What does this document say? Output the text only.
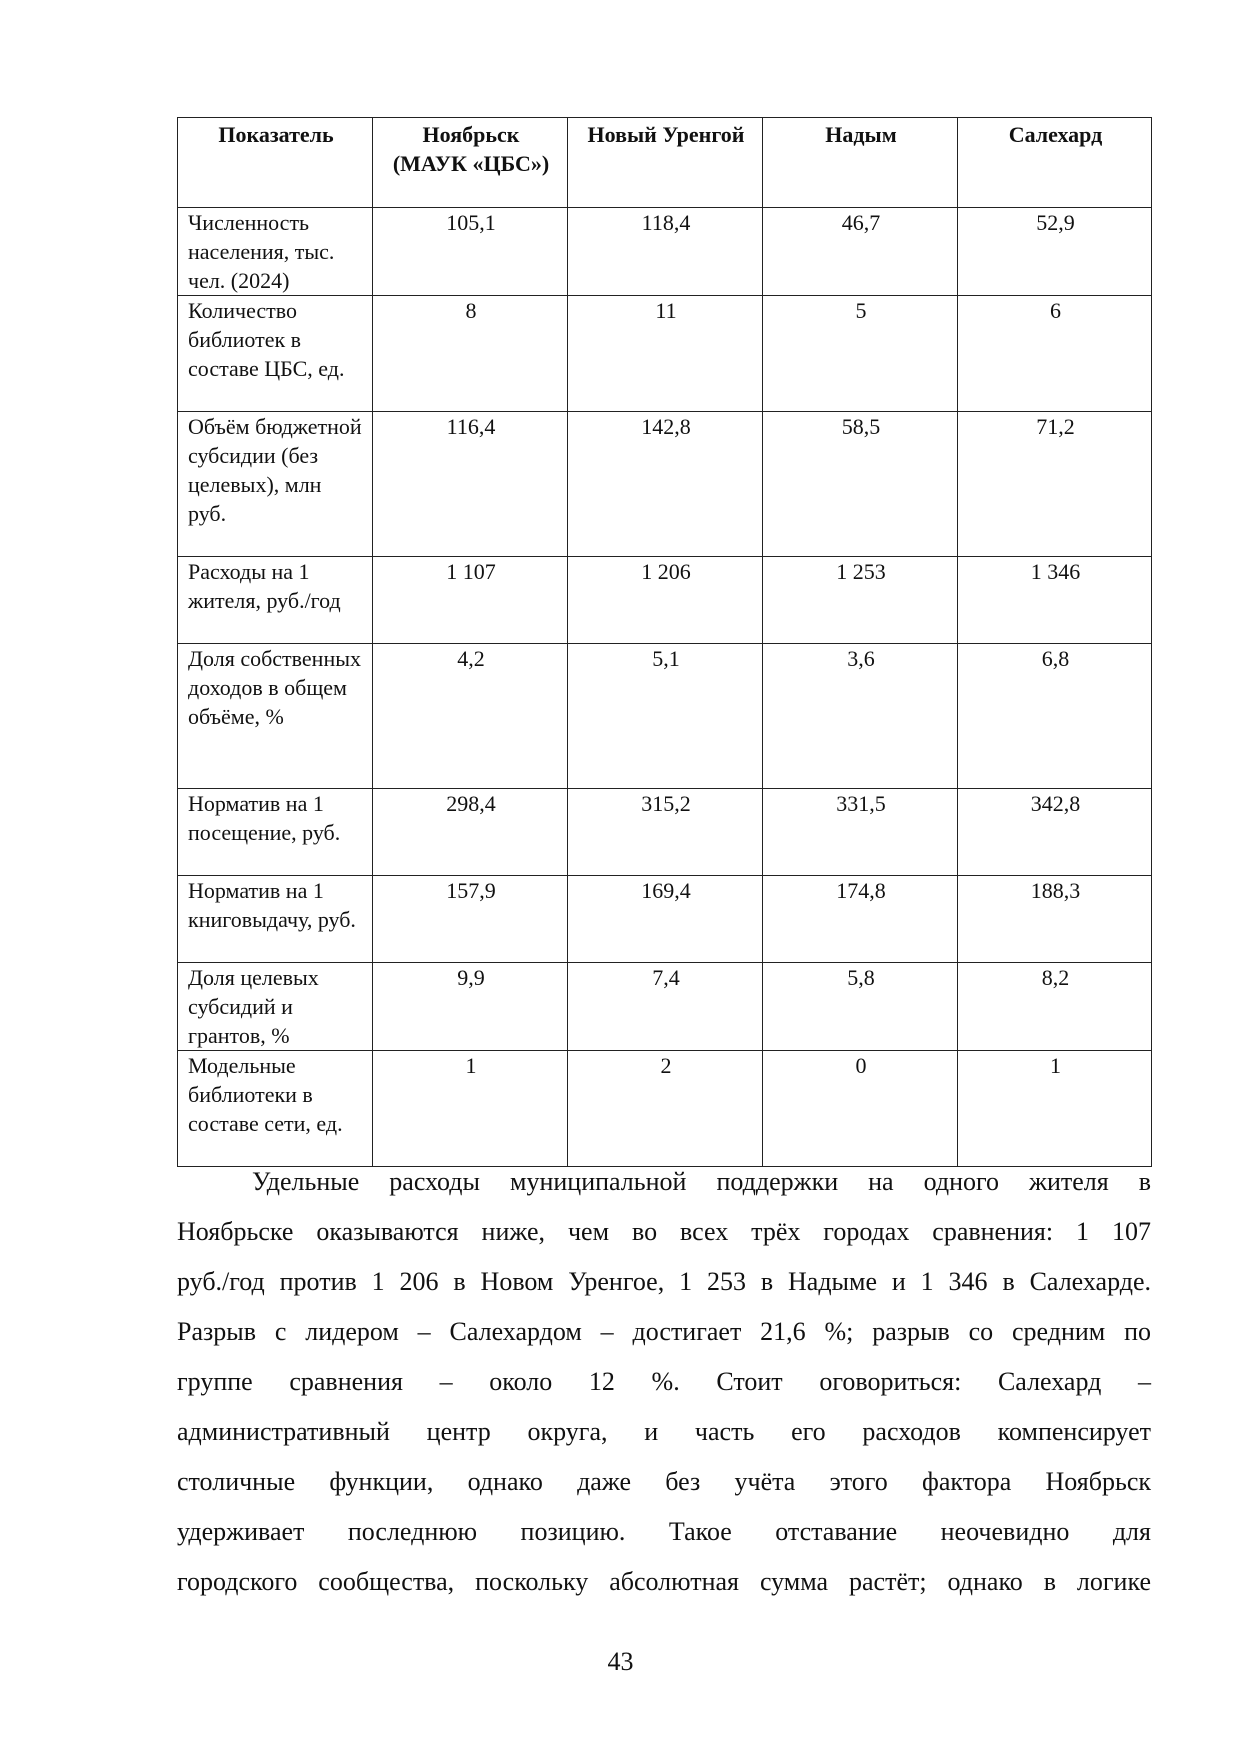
Показатель	Ноябрьск (МАУК «ЦБС»)	Новый Уренгой	Надым	Салехард
Численность населения, тыс. чел. (2024)	105,1	118,4	46,7	52,9
Количество библиотек в составе ЦБС, ед.	8	11	5	6
Объём бюджетной субсидии (без целевых), млн руб.	116,4	142,8	58,5	71,2
Расходы на 1 жителя, руб./год	1 107	1 206	1 253	1 346
Доля собственных доходов в общем объёме, %	4,2	5,1	3,6	6,8
Норматив на 1 посещение, руб.	298,4	315,2	331,5	342,8
Норматив на 1 книговыдачу, руб.	157,9	169,4	174,8	188,3
Доля целевых субсидий и грантов, %	9,9	7,4	5,8	8,2
Модельные библиотеки в составе сети, ед.	1	2	0	1
Удельные расходы муниципальной поддержки на одного жителя в
Ноябрьске оказываются ниже, чем во всех трёх городах сравнения: 1 107
руб./год против 1 206 в Новом Уренгое, 1 253 в Надыме и 1 346 в Салехарде.
Разрыв с лидером – Салехардом – достигает 21,6 %; разрыв со средним по
группе сравнения – около 12 %. Стоит оговориться: Салехард –
административный центр округа, и часть его расходов компенсирует
столичные функции, однако даже без учёта этого фактора Ноябрьск
удерживает последнюю позицию. Такое отставание неочевидно для
городского сообщества, поскольку абсолютная сумма растёт; однако в логике
43
